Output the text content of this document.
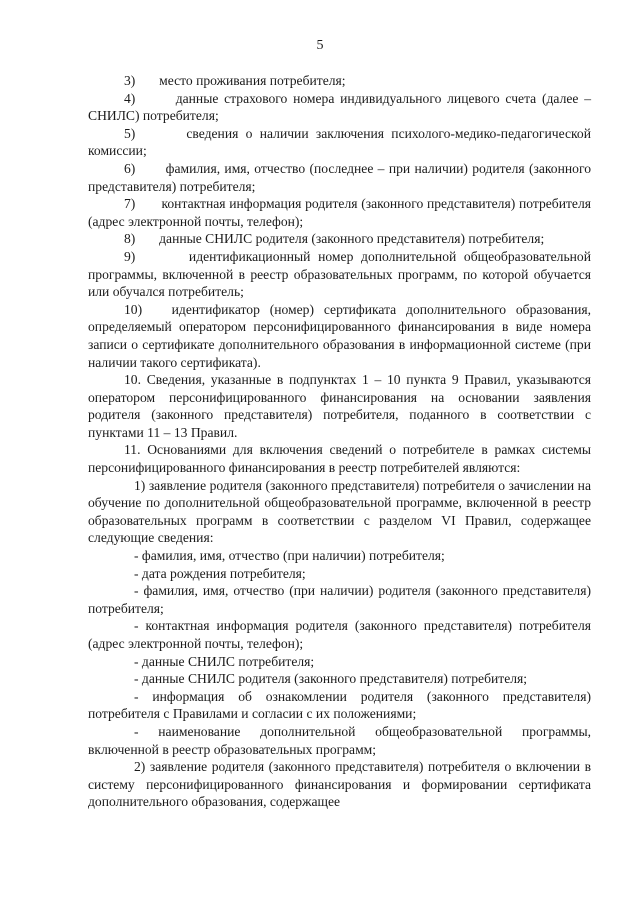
5

3)       место проживания потребителя;

4)       данные страхового номера индивидуального лицевого счета (далее – СНИЛС) потребителя;

5)       сведения о наличии заключения психолого-медико-педагогической комиссии;

6)       фамилия, имя, отчество (последнее – при наличии) родителя (законного представителя) потребителя;

7)       контактная информация родителя (законного представителя) потребителя (адрес электронной почты, телефон);

8)       данные СНИЛС родителя (законного представителя) потребителя;

9)       идентификационный номер дополнительной общеобразовательной программы, включенной в реестр образовательных программ, по которой обучается или обучался потребитель;

10)   идентификатор (номер) сертификата дополнительного образования, определяемый оператором персонифицированного финансирования в виде номера записи о сертификате дополнительного образования в информационной системе (при наличии такого сертификата).

10. Сведения, указанные в подпунктах 1 – 10 пункта 9 Правил, указываются оператором персонифицированного финансирования на основании заявления родителя (законного представителя) потребителя, поданного в соответствии с пунктами 11 – 13 Правил.

11. Основаниями для включения сведений о потребителе в рамках системы персонифицированного финансирования в реестр потребителей являются:

1) заявление родителя (законного представителя) потребителя о зачислении на обучение по дополнительной общеобразовательной программе, включенной в реестр образовательных программ в соответствии с разделом VI Правил, содержащее следующие сведения:

- фамилия, имя, отчество (при наличии) потребителя;

- дата рождения потребителя;

- фамилия, имя, отчество (при наличии) родителя (законного представителя) потребителя;

- контактная информация родителя (законного представителя) потребителя (адрес электронной почты, телефон);

- данные СНИЛС потребителя;

- данные СНИЛС родителя (законного представителя) потребителя;

- информация об ознакомлении родителя (законного представителя) потребителя с Правилами и согласии с их положениями;

- наименование дополнительной общеобразовательной программы, включенной в реестр образовательных программ;

2) заявление родителя (законного представителя) потребителя о включении в систему персонифицированного финансирования и формировании сертификата дополнительного образования, содержащее
